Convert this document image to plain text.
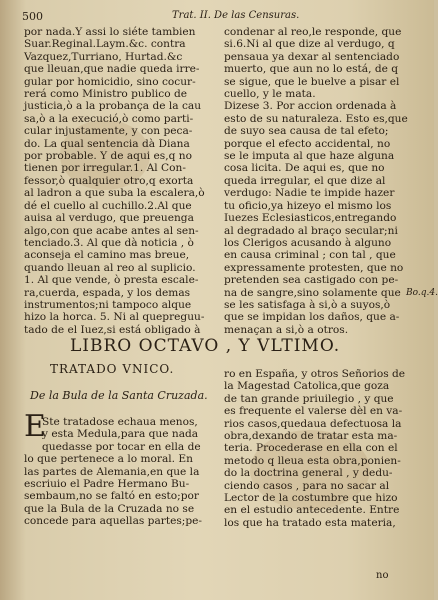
500	Trat. II. De las Censuras.
por nada.Y assi lo siéte tambien
Suar.Reginal.Laym.&c. contra
Vazquez,Turriano, Hurtad.&c
que lleuan,que nadie queda irre-
gular por homicidio, sino cocur-
rerá como Ministro publico de
justicia,ò a la probança de la cau
sa,ò a la execució,ò como parti-
cular injustamente, y con peca-
do. La qual sentencia dà Diana
por probable. Y de aqui es,q no
tienen por irregular.1. Al Con-
fessor,ò qualquier otro,q exorta
al ladron a que suba la escalera,ò
dé el cuello al cuchillo.2.Al que
auisa al verdugo, que preuenga
algo,con que acabe antes al sen-
tenciado.3. Al que dà noticia , ò
aconseja el camino mas breue,
quando lleuan al reo al suplicio.
1. Al que vende, ò presta escale-
ra,cuerda, espada, y los demas
instrumentos;ni tampoco alque
hizo la horca. 5. Ni al quepreguu-
tado de el Iuez,si está obligado à
condenar al reo,le responde, que
si.6.Ni al que dize al verdugo, q
pensaua ya dexar al sentenciado
muerto, que aun no lo está, de q
se sigue, que le buelve a pisar el
cuello, y le mata.
Dizese 3. Por accion ordenada à
esto de su naturaleza. Esto es,que
de suyo sea causa de tal efeto;
porque el efecto accidental, no
se le imputa al que haze alguna
cosa licita. De aqui es, que no
queda irregular, el que dize al
verdugo: Nadie te impide hazer
tu oficio,ya hizeyo el mismo los
Iuezes Eclesiasticos,entregando
al degradado al braço secular;ni
los Clerigos acusando à alguno
en causa criminal ; con tal , que
expressamente protesten, que no
pretenden sea castigado con pe-
na de sangre,sino solamente que
se les satisfaga à si,ò a suyos,ò
que se impidan los daños, que a-
menaçan a si,ò a otros.
Bo.q.4.
LIBRO OCTAVO , Y VLTIMO.
TRATADO VNICO.
De la Bula de la Santa Cruzada.
E
Ste tratadose echaua menos,
y esta Medula,para que nada
quedasse por tocar en ella de
lo que pertenece a lo moral. En
las partes de Alemania,en que la
escriuio el Padre Hermano Bu-
sembaum,no se faltó en esto;por
que la Bula de la Cruzada no se
concede para aquellas partes;pe-
ro en España, y otros Señorios de
la Magestad Catolica,que goza
de tan grande priuilegio , y que
es frequente el valerse dèl en va-
rios casos,quedaua defectuosa la
obra,dexando de tratar esta ma-
teria. Procederase en ella con el
metodo q lleua esta obra,ponien-
do la doctrina general , y dedu-
ciendo casos , para no sacar al
Lector de la costumbre que hizo
en el estudio antecedente. Entre
los que ha tratado esta materia,
no
